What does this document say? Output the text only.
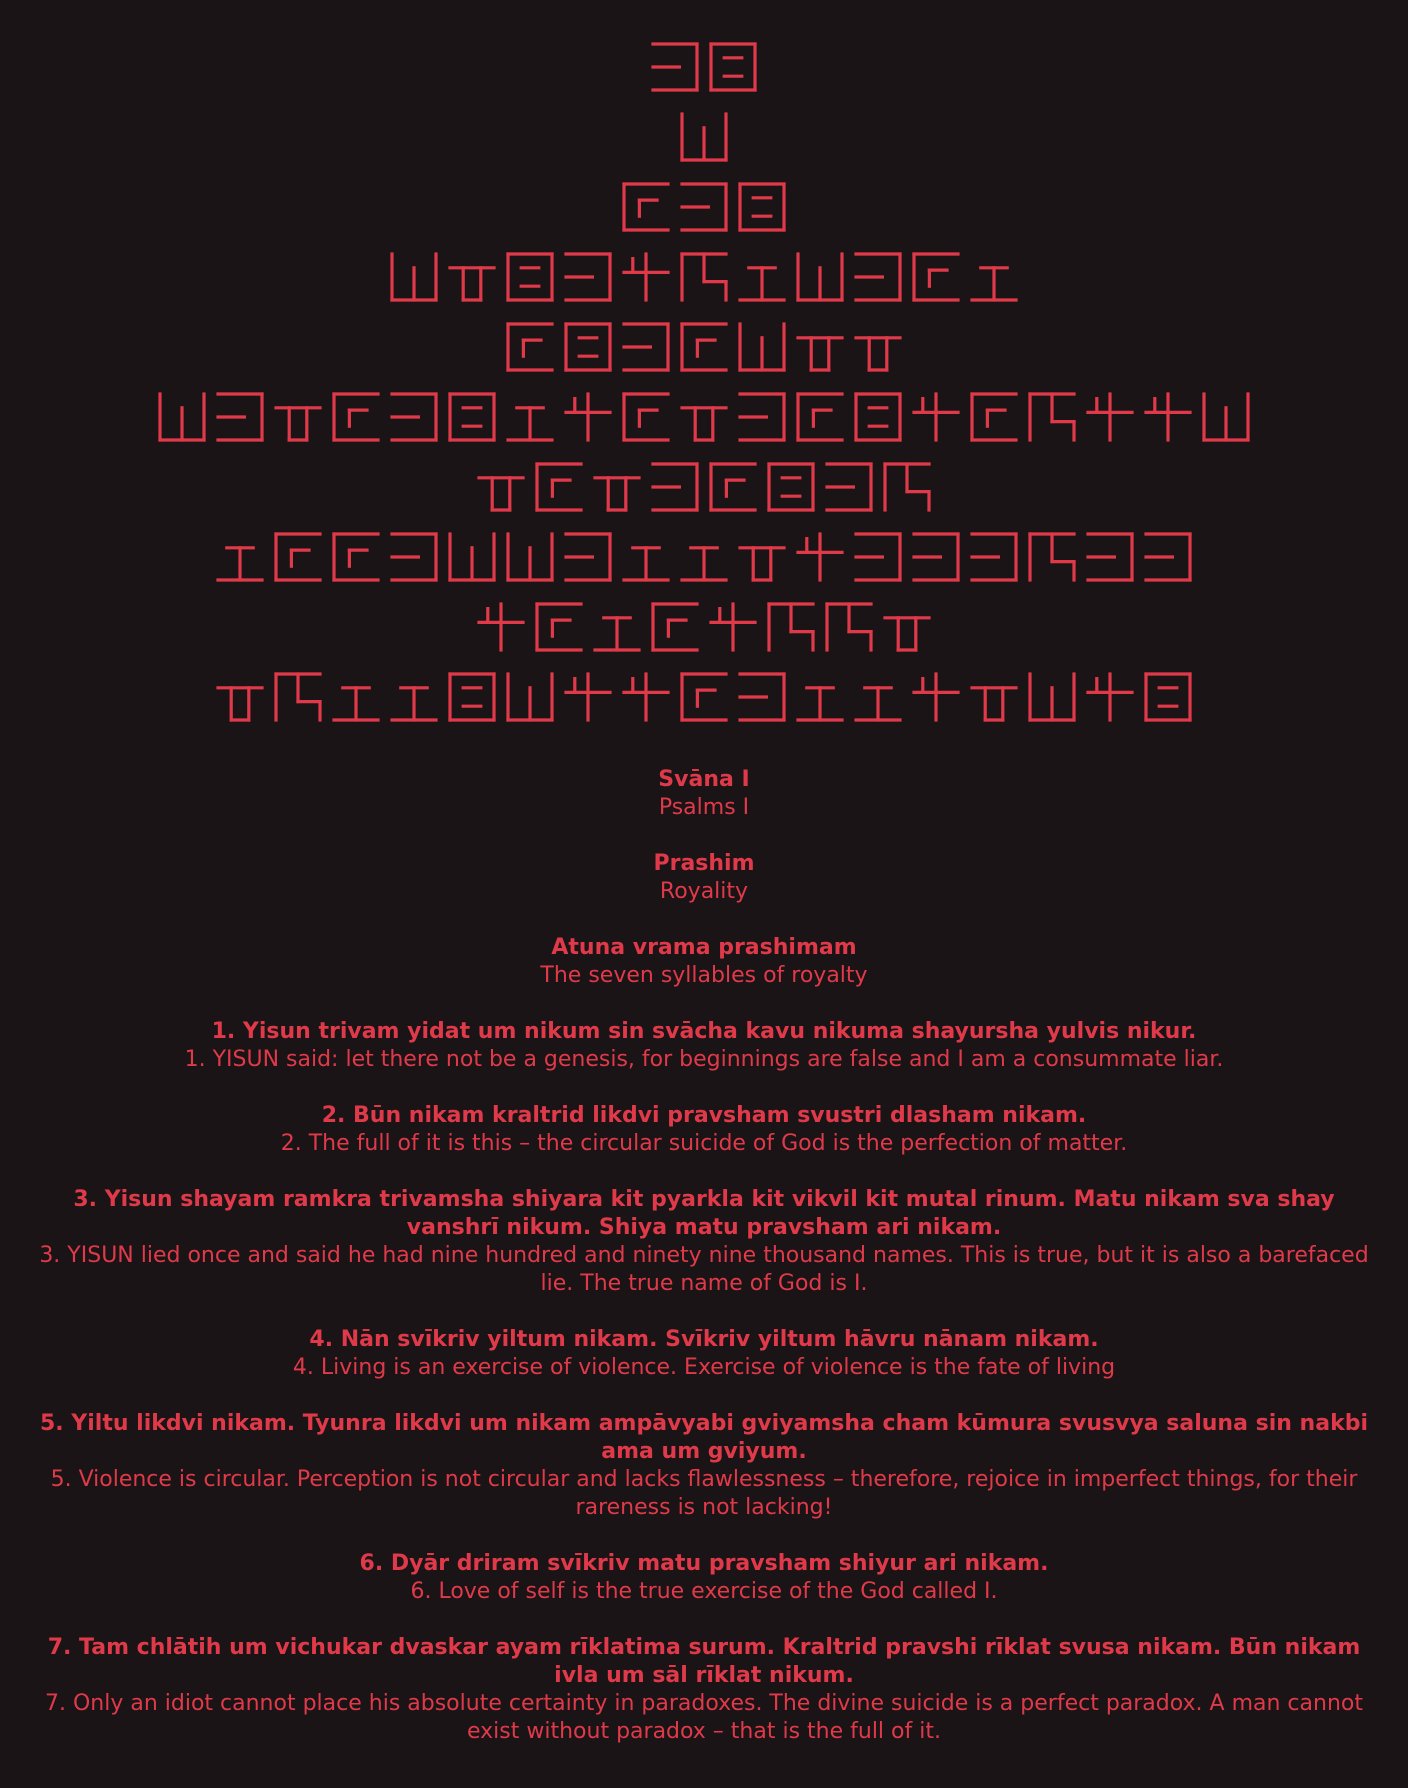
Svāna I
Psalms I
Prashim
Royality
Atuna vrama prashimam
The seven syllables of royalty
1. Yisun trivam yidat um nikum sin svācha kavu nikuma shayursha yulvis nikur.
1. YISUN said: let there not be a genesis, for beginnings are false and I am a consummate liar.
2. Būn nikam kraltrid likdvi pravsham svustri dlasham nikam.
2. The full of it is this – the circular suicide of God is the perfection of matter.
3. Yisun shayam ramkra trivamsha shiyara kit pyarkla kit vikvil kit mutal rinum. Matu nikam sva shay vanshrī nikum. Shiya matu pravsham ari nikam.
3. YISUN lied once and said he had nine hundred and ninety nine thousand names. This is true, but it is also a barefaced lie. The true name of God is I.
4. Nān svīkriv yiltum nikam. Svīkriv yiltum hāvru nānam nikam.
4. Living is an exercise of violence. Exercise of violence is the fate of living
5. Yiltu likdvi nikam. Tyunra likdvi um nikam ampāvyabi gviyamsha cham kūmura svusvya saluna sin nakbi ama um gviyum.
5. Violence is circular. Perception is not circular and lacks flawlessness – therefore, rejoice in imperfect things, for their rareness is not lacking!
6. Dyār driram svīkriv matu pravsham shiyur ari nikam.
6. Love of self is the true exercise of the God called I.
7. Tam chlātih um vichukar dvaskar ayam rīklatima surum. Kraltrid pravshi rīklat svusa nikam. Būn nikam ivla um sāl rīklat nikum.
7. Only an idiot cannot place his absolute certainty in paradoxes. The divine suicide is a perfect paradox. A man cannot exist without paradox – that is the full of it.
